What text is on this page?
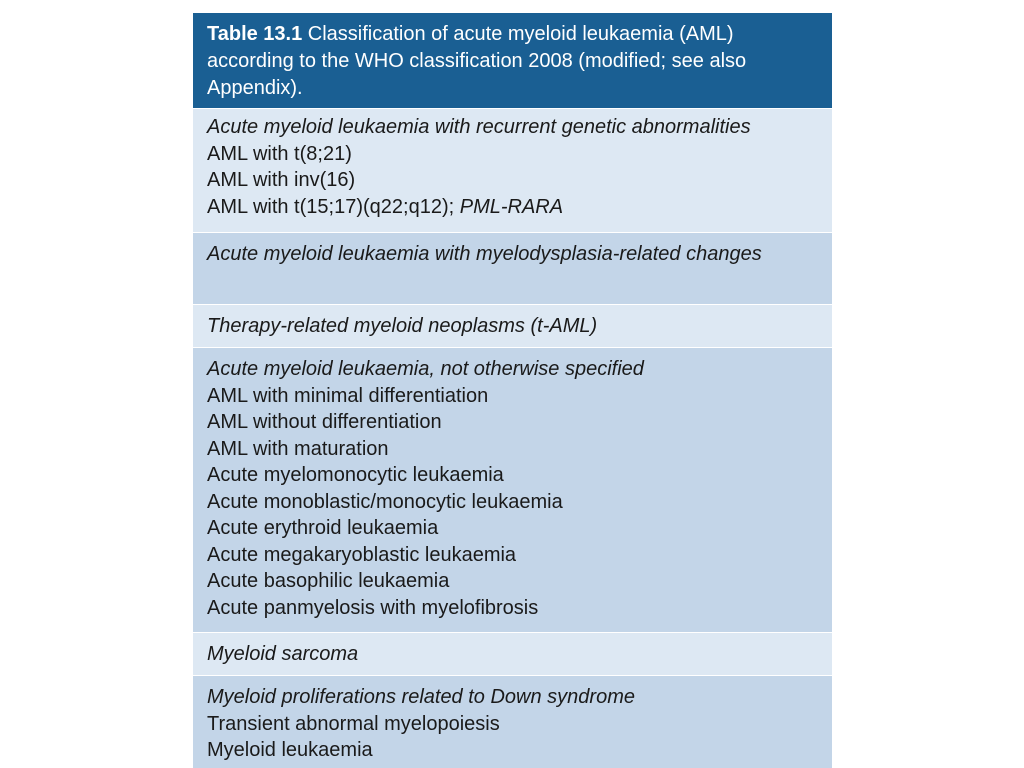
Table 13.1 Classification of acute myeloid leukaemia (AML) according to the WHO classification 2008 (modified; see also Appendix).
Acute myeloid leukaemia with recurrent genetic abnormalities
AML with t(8;21)
AML with inv(16)
AML with t(15;17)(q22;q12); PML-RARA
Acute myeloid leukaemia with myelodysplasia-related changes
Therapy-related myeloid neoplasms (t-AML)
Acute myeloid leukaemia, not otherwise specified
AML with minimal differentiation
AML without differentiation
AML with maturation
Acute myelomonocytic leukaemia
Acute monoblastic/monocytic leukaemia
Acute erythroid leukaemia
Acute megakaryoblastic leukaemia
Acute basophilic leukaemia
Acute panmyelosis with myelofibrosis
Myeloid sarcoma
Myeloid proliferations related to Down syndrome
Transient abnormal myelopoiesis
Myeloid leukaemia
